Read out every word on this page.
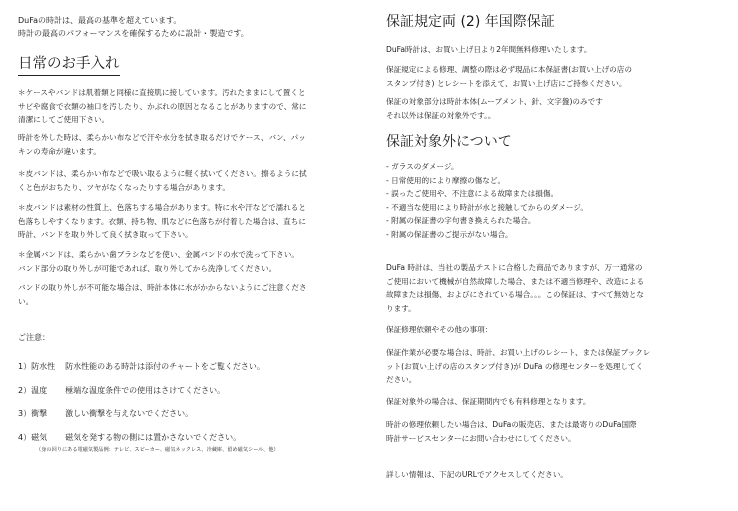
DuFaの時計は、最高の基準を超えています。

時計の最高のパフォーマンスを確保するために設計・製造です。

日常のお手入れ

＊ケースやバンドは肌着類と同様に直接肌に接しています。汚れたままにして置くと

サビや腐食で衣類の袖口を汚したり、かぶれの原因となることがありますので、常に

清潔にしてご使用下さい。

時計を外した時は、柔らかい布などで汗や水分を拭き取るだけでケース、バン、パッ

キンの寿命が違います。

＊皮バンドは、柔らかい布などで吸い取るように軽く拭いてください。擦るように拭

くと色がおちたり、ツヤがなくなったりする場合があります。

＊皮バンドは素材の性質上、色落ちする場合があります。特に水や汗などで濡れると

色落ちしやすくなります。衣類、持ち物、肌などに色落ちが付着した場合は、直ちに

時計、バンドを取り外して良く拭き取って下さい。

＊金属バンドは、柔らかい歯ブラシなどを使い、金属バンドの水で洗って下さい。

バンド部分の取り外しが可能であれば、取り外してから洗浄してください。

バンドの取り外しが不可能な場合は、時計本体に水がかからないようにご注意くださ

い。

ご注意：

1）防水性 防水性能のある時計は添付のチャートをご覧ください。
2）温度 極端な温度条件での使用はさけてください。
3）衝撃 激しい衝撃を与えないでください。
4）磁気 磁気を発する物の側には置かさないでください。

（身の回りにある電磁気製品例：テレビ、スピーカー、磁気ネックレス、冷蔵庫、留め磁気シール、他）

保証規定両 (2) 年国際保証

DuFa時計は、お買い上げ日より2年間無料修理いたします。

保証規定による修理、調整の際は必ず現品に本保証書(お買い上げの店の

スタンプ付き) とレシートを添えて、お買い上げ店にご持参ください。

保証の対象部分は時計本体(ムーブメント、針、文字盤)のみです

それ以外は保証の対象外です。。

保証対象外について

- ガラスのダメージ。

- 日常使用的により摩擦の傷など。

- 誤ったご使用や、不注意による故障または損傷。

- 不適当な使用により時計が水と接触してからのダメージ。

- 附属の保証書の字句書き換えられた場合。

- 附属の保証書のご提示がない場合。

DuFa 時計は、当社の製品テストに合格した商品でありますが、万一通常の

ご使用において機械が自然故障した場合、または不適当修理や、改造による

故障または損傷、およびにされている場合。。。この保証は、すべて無効とな

ります。

保証修理依頼やその他の事項：

保証作業が必要な場合は、時計、お買い上げのレシート、または保証ブックレ

ット(お買い上げの店のスタンプ付き)が DuFa の修理センターを処理してく

ださい。

保証対象外の場合は、保証期間内でも有料修理となります。

時計の修理依頼したい場合は、DuFaの販売店、または最寄りのDuFa国際

時計サービスセンターにお問い合わせにしてください。

詳しい情報は、下記のURLでアクセスしてください。
